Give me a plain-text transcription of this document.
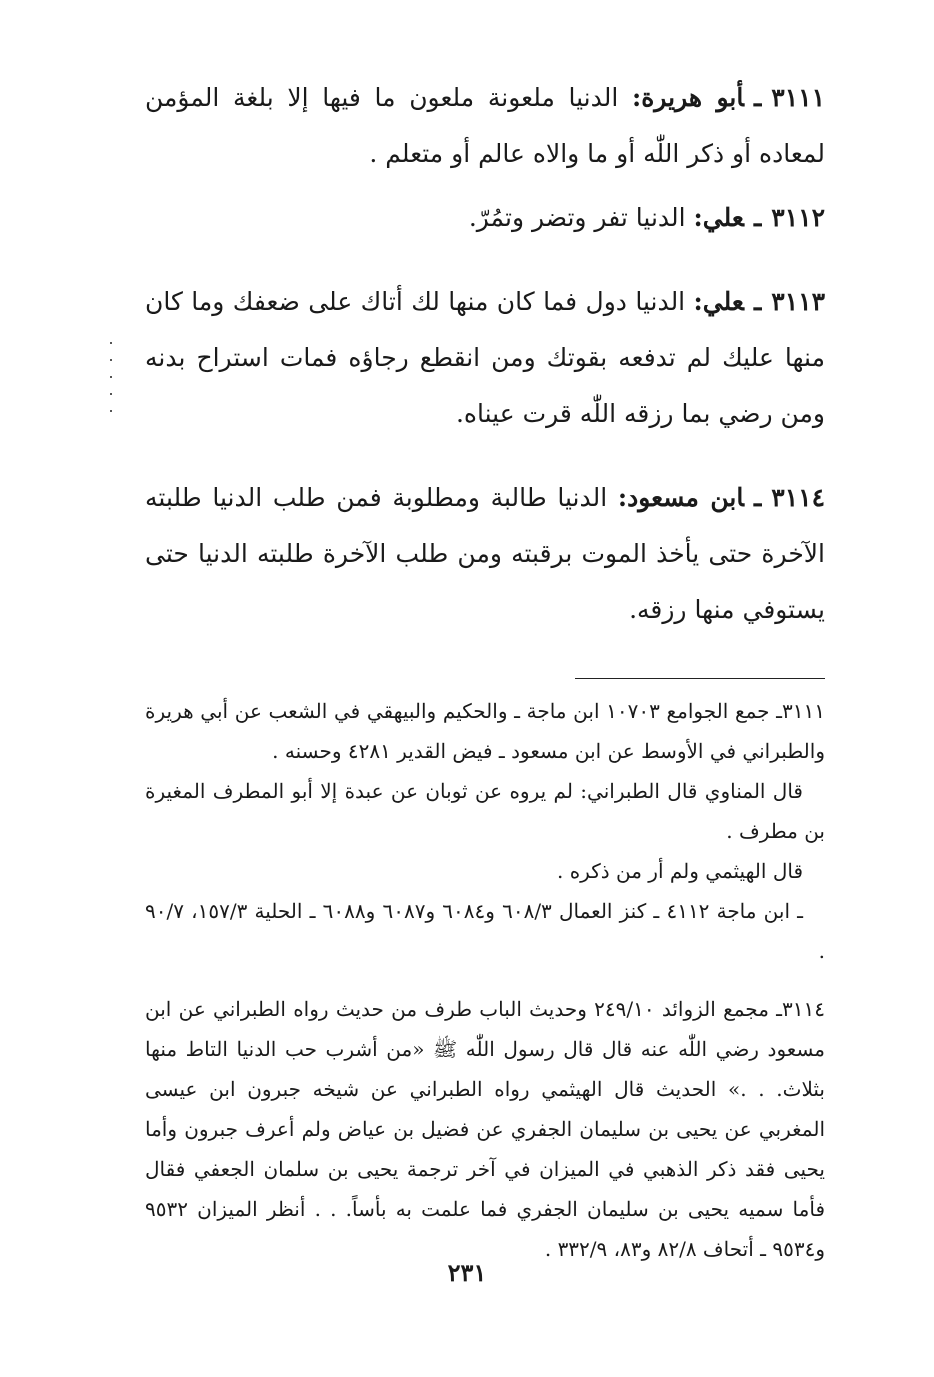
٣١١١ـأبو هريرة: الدنيا ملعونة ملعون ما فيها إلا بلغة المؤمن لمعاده أو ذكر اللّٰه أو ما والاه عالم أو متعلم .

٣١١٢ـعلي: الدنيا تفر وتضر وتمُرّ.

٣١١٣ـعلي: الدنيا دول فما كان منها لك أتاك على ضعفك وما كان منها عليك لم تدفعه بقوتك ومن انقطع رجاؤه فمات استراح بدنه ومن رضي بما رزقه اللّٰه قرت عيناه.

٣١١٤ـابن مسعود: الدنيا طالبة ومطلوبة فمن طلب الدنيا طلبته الآخرة حتى يأخذ الموت برقبته ومن طلب الآخرة طلبته الدنيا حتى يستوفي منها رزقه.

٣١١١ـ جمع الجوامع ١٠٧٠٣ ابن ماجة ـ والحكيم والبيهقي في الشعب عن أبي هريرة والطبراني في الأوسط عن ابن مسعود ـ فيض القدير ٤٢٨١ وحسنه .

قال المناوي قال الطبراني: لم يروه عن ثوبان عن عبدة إلا أبو المطرف المغيرة بن مطرف .

قال الهيثمي ولم أر من ذكره .

ـ ابن ماجة ٤١١٢ ـ كنز العمال ٦٠٨/٣ و٦٠٨٤ و٦٠٨٧ و٦٠٨٨ ـ الحلية ١٥٧/٣، ٩٠/٧ .

٣١١٤ـ مجمع الزوائد ٢٤٩/١٠ وحديث الباب طرف من حديث رواه الطبراني عن ابن مسعود رضي اللّٰه عنه قال قال رسول اللّٰه ﷺ «من أشرب حب الدنيا التاط منها بثلاث. . .» الحديث قال الهيثمي رواه الطبراني عن شيخه جبرون ابن عيسى المغربي عن يحيى بن سليمان الجفري عن فضيل بن عياض ولم أعرف جبرون وأما يحيى فقد ذكر الذهبي في الميزان في آخر ترجمة يحيى بن سلمان الجعفي فقال فأما سميه يحيى بن سليمان الجفري فما علمت به بأساً. . . أنظر الميزان ٩٥٣٢ و٩٥٣٤ ـ أتحاف ٨٢/٨ و٨٣، ٣٣٢/٩ .

٢٣١
